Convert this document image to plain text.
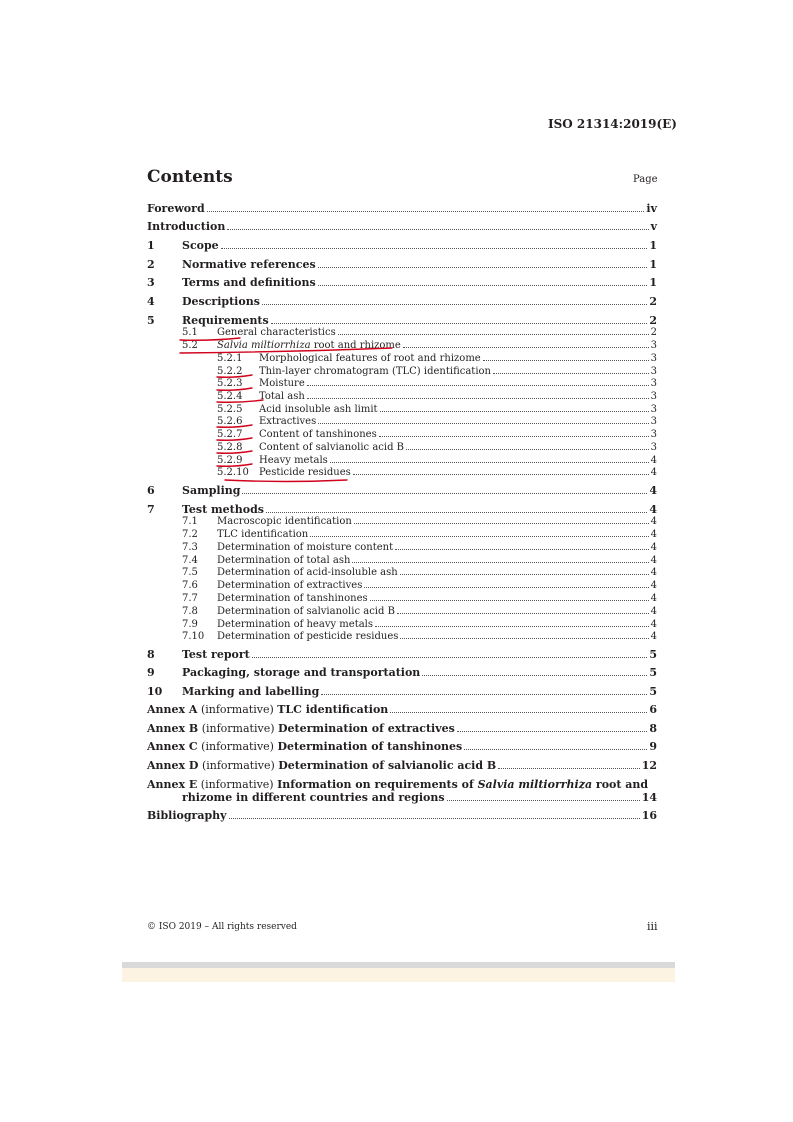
ISO 21314:2019(E)
Contents	Page
Foreword	iv
Introduction	v
1	Scope	1
2	Normative references	1
3	Terms and definitions	1
4	Descriptions	2
5	Requirements	2
5.1	General characteristics	2
5.2	Salvia miltiorrhiza root and rhizome	3
5.2.1	Morphological features of root and rhizome	3
5.2.2	Thin-layer chromatogram (TLC) identification	3
5.2.3	Moisture	3
5.2.4	Total ash	3
5.2.5	Acid insoluble ash limit	3
5.2.6	Extractives	3
5.2.7	Content of tanshinones	3
5.2.8	Content of salvianolic acid B	3
5.2.9	Heavy metals	4
5.2.10	Pesticide residues	4
6	Sampling	4
7	Test methods	4
7.1	Macroscopic identification	4
7.2	TLC identification	4
7.3	Determination of moisture content	4
7.4	Determination of total ash	4
7.5	Determination of acid-insoluble ash	4
7.6	Determination of extractives	4
7.7	Determination of tanshinones	4
7.8	Determination of salvianolic acid B	4
7.9	Determination of heavy metals	4
7.10	Determination of pesticide residues	4
8	Test report	5
9	Packaging, storage and transportation	5
10	Marking and labelling	5
Annex A (informative) TLC identification	6
Annex B (informative) Determination of extractives	8
Annex C (informative) Determination of tanshinones	9
Annex D (informative) Determination of salvianolic acid B	12
Annex E (informative) Information on requirements of Salvia miltiorrhiza root and
rhizome in different countries and regions	14
Bibliography	16
© ISO 2019 – All rights reserved	iii
